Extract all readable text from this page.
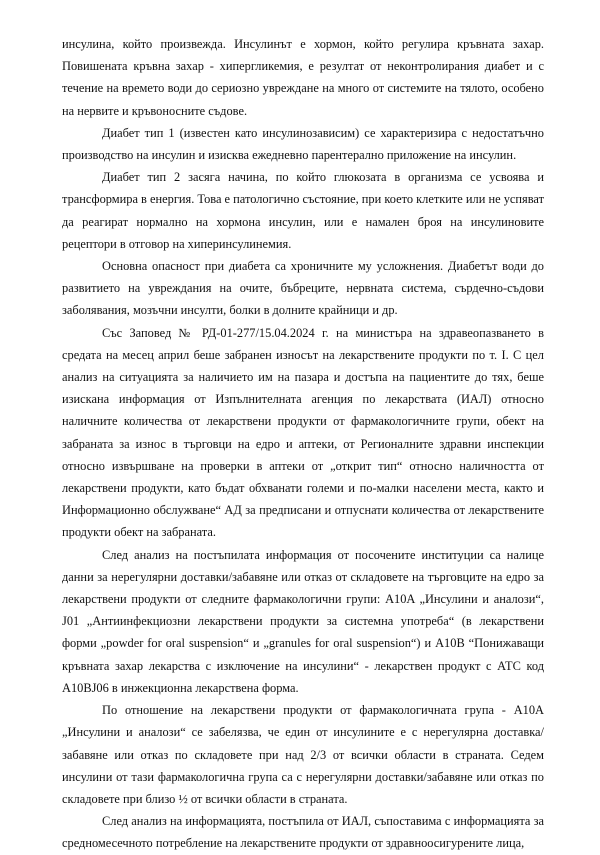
инсулина, който произвежда. Инсулинът е хормон, който регулира кръвната захар. Повишената кръвна захар - хипергликемия, е резултат от неконтролирания диабет и с течение на времето води до сериозно увреждане на много от системите на тялото, особено на нервите и кръвоносните съдове.

Диабет тип 1 (известен като инсулинозависим) се характеризира с недостатъчно производство на инсулин и изисква ежедневно парентерално приложение на инсулин.

Диабет тип 2 засяга начина, по който глюкозата в организма се усвоява и трансформира в енергия. Това е патологично състояние, при което клетките или не успяват да реагират нормално на хормона инсулин, или е намален броя на инсулиновите рецептори в отговор на хиперинсулинемия.

Основна опасност при диабета са хроничните му усложнения. Диабетът води до развитието на увреждания на очите, бъбреците, нервната система, сърдечно-съдови заболявания, мозъчни инсулти, болки в долните крайници и др.

Със Заповед № РД-01-277/15.04.2024 г. на министъра на здравеопазването в средата на месец април беше забранен износът на лекарствените продукти по т. I. С цел анализ на ситуацията за наличието им на пазара и достъпа на пациентите до тях, беше изискана информация от Изпълнителната агенция по лекарствата (ИАЛ) относно наличните количества от лекарствени продукти от фармакологичните групи, обект на забраната за износ в търговци на едро и аптеки, от Регионалните здравни инспекции относно извършване на проверки в аптеки от „открит тип“ относно наличността от лекарствени продукти, като бъдат обхванати големи и по-малки населени места, както и Информационно обслужване“ АД за предписани и отпуснати количества от лекарствените продукти обект на забраната.

След анализ на постъпилата информация от посочените институции са налице данни за нерегулярни доставки/забавяне или отказ от складовете на търговците на едро за лекарствени продукти от следните фармакологични групи: A10A „Инсулини и аналози“, J01 „Антиинфекциозни лекарствени продукти за системна употреба“ (в лекарствени форми „powder for oral suspension“ и „granules for oral suspension“) и A10B “Понижаващи кръвната захар лекарства с изключение на инсулини“ - лекарствен продукт с АТС код A10BJ06 в инжекционна лекарствена форма.

По отношение на лекарствени продукти от фармакологичната група - A10A „Инсулини и аналози“ се забелязва, че един от инсулините е с нерегулярна доставка/забавяне или отказ по складовете при над 2/3 от всички области в страната. Седем инсулини от тази фармакологична група са с нерегулярни доставки/забавяне или отказ по складовете при близо ½ от всички области в страната.

След анализ на информацията, постъпила от ИАЛ, съпоставима с информацията за средномесечното потребление на лекарствените продукти от здравноосигурените лица,
